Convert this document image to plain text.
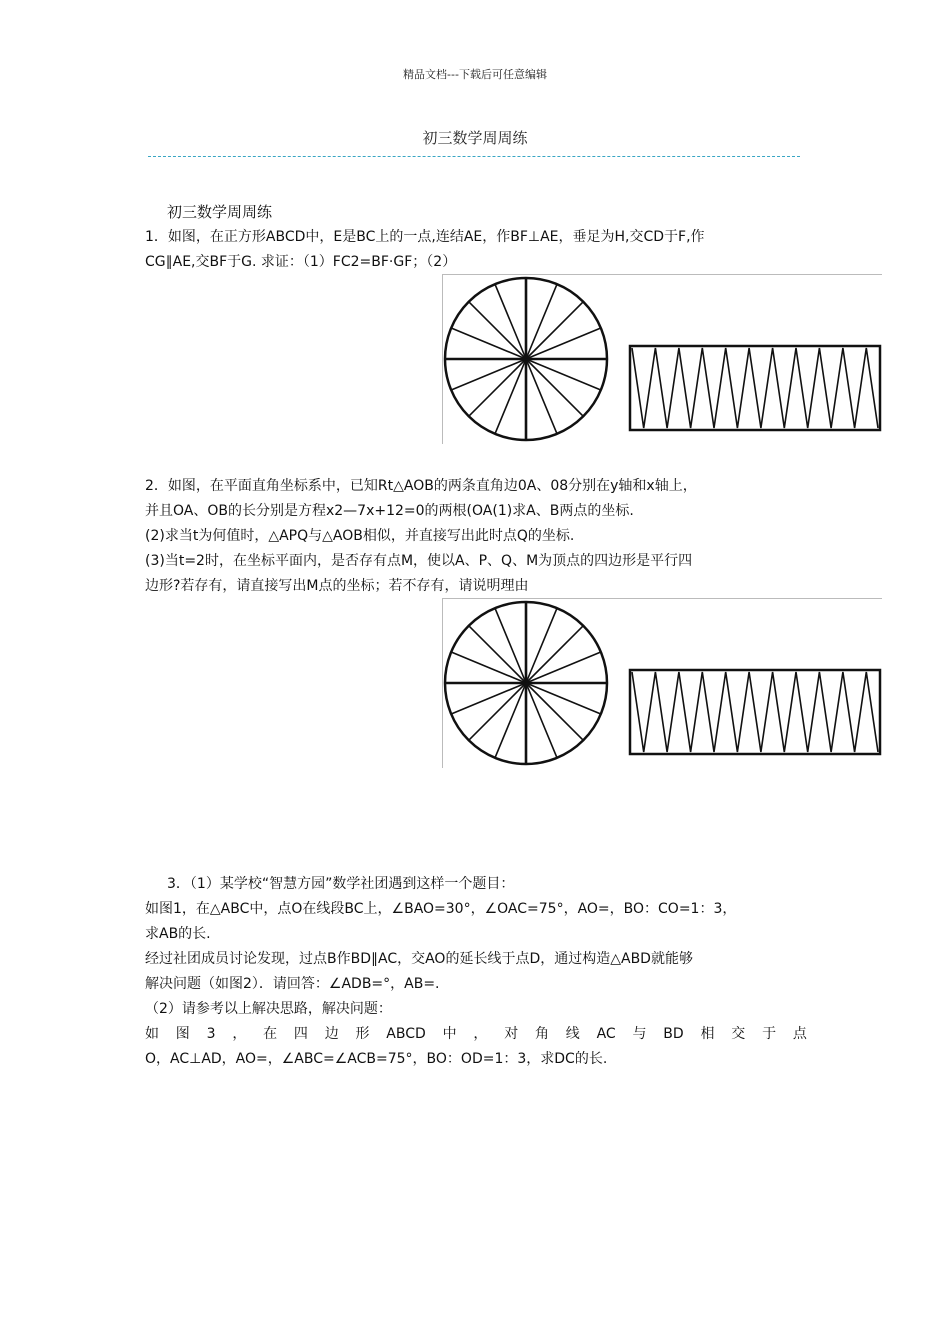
精品文档---下载后可任意编辑
初三数学周周练
初三数学周周练
1．如图，在正方形ABCD中，E是BC上的一点,连结AE，作BF⊥AE，垂足为H,交CD于F,作
CG∥AE,交BF于G. 求证：（1）FC2=BF·GF；（2）
2．如图，在平面直角坐标系中，已知Rt△AOB的两条直角边0A、08分别在y轴和x轴上，
并且OA、OB的长分别是方程x2—7x+12=0的两根(OA(1)求A、B两点的坐标.
(2)求当t为何值时，△APQ与△AOB相似，并直接写出此时点Q的坐标.
(3)当t=2时，在坐标平面内，是否存有点M，使以A、P、Q、M为顶点的四边形是平行四
边形?若存有，请直接写出M点的坐标；若不存有，请说明理由
3．（1）某学校“智慧方园”数学社团遇到这样一个题目：
如图1，在△ABC中，点O在线段BC上，∠BAO=30°，∠OAC=75°，AO=，BO：CO=1：3，
求AB的长.
经过社团成员讨论发现，过点B作BD∥AC，交AO的延长线于点D，通过构造△ABD就能够
解决问题（如图2）．请回答：∠ADB=°，AB=.
（2）请参考以上解决思路，解决问题：
如 图 3 ， 在 四 边 形 ABCD 中 ， 对 角 线 AC 与 BD 相 交 于 点
O，AC⊥AD，AO=，∠ABC=∠ACB=75°，BO：OD=1：3，求DC的长.
